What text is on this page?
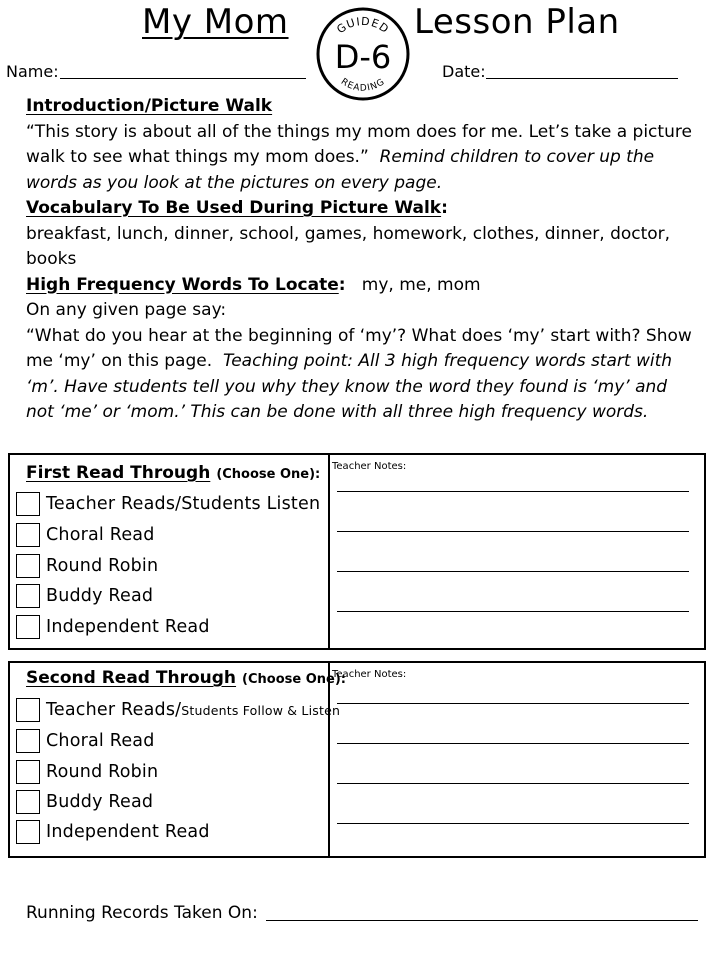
My Mom	Lesson Plan
GUIDED
D-6
READING
Name:	Date:
Introduction/Picture Walk
“This story is about all of the things my mom does for me. Let’s take a picture walk to see what things my mom does.” Remind children to cover up the words as you look at the pictures on every page.
Vocabulary To Be Used During Picture Walk:
breakfast, lunch, dinner, school, games, homework, clothes, dinner, doctor, books
High Frequency Words To Locate: my, me, mom
On any given page say:
“What do you hear at the beginning of ‘my’? What does ‘my’ start with? Show me ‘my’ on this page. Teaching point: All 3 high frequency words start with ‘m’. Have students tell you why they know the word they found is ‘my’ and not ‘me’ or ‘mom.’ This can be done with all three high frequency words.
First Read Through (Choose One):
Teacher Reads/Students Listen
Choral Read
Round Robin
Buddy Read
Independent Read
Teacher Notes:
Second Read Through (Choose One):
Teacher Reads/Students Follow & Listen
Choral Read
Round Robin
Buddy Read
Independent Read
Teacher Notes:
Running Records Taken On:
